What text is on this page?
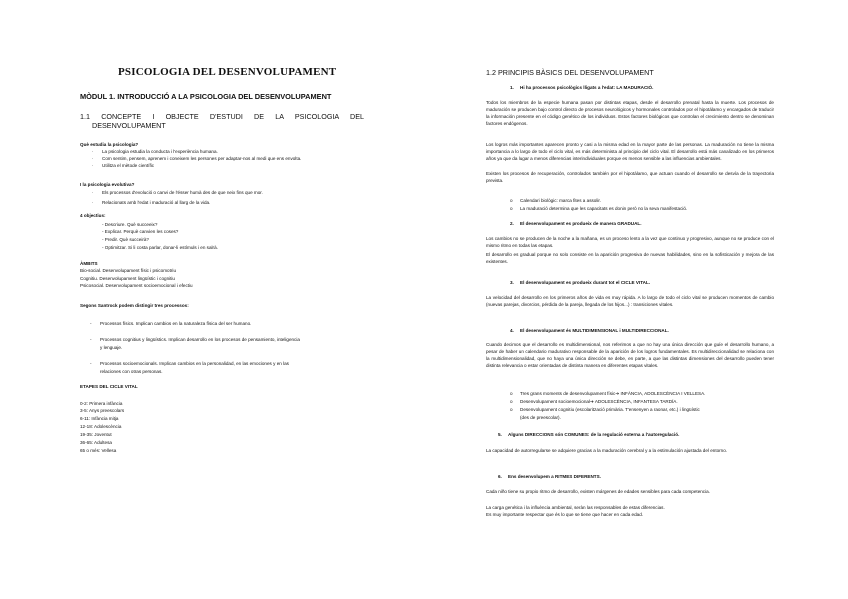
PSICOLOGIA DEL DESENVOLUPAMENT
MÒDUL 1. INTRODUCCIÓ A LA PSICOLOGIA DEL DESENVOLUPAMENT
1.1 CONCEPTE I OBJECTE D'ESTUDI DE LA PSICOLOGIA DEL
DESENVOLUPAMENT
Què estudia la psicologia?
· La psicologia estudia la conducta i l'experiència humana.
· Com sentim, pensem, aprenem i coneixem les persones per adaptar-nos al medi que ens envolta.
· Utilitza el mètode científic
I la psicologia evolutiva?
· Els processos d'evolució o canvi de l'ésser humà des de que neix fins que mor.
· Relacionats amb l'edat i maduració al llarg de la vida.
4 objectius:
- Descriure. Què succeeix?
- Explicar. Perquè canvien les coses?
- Predir. Què succeirà?
- Optimitzar. Si li costa parlar, donar-li estímuls i en salrà.
ÀMBITS
Bio-social. Desenvolupament físic i psicomotriu
Cognitiu. Desenvolupament lingüístic i cognitiu
Psicosocial. Desenvolupament socioemocional i efectiu
Segons Santrock podem distingir tres processos:
- Processos físics. Implican cambios en la naturaleza física del ser humano.
- Processos cognitius y lingüístics. Implican desarrollo en los procesos de pensamiento, inteligencia
y lenguaje.
- Processos socioemocionals. Implican cambios en la personalidad, en las emociones y en las
relaciones con otras personas.
ETAPES DEL CICLE VITAL
0-2: Primera infància
3-5: Anys preescolars
6-11: Infància mitja
12-18: Adolescència
19-35: Joventut
36-65: Adultesa
65 o més: Vellesa
1.2 PRINCIPIS BÀSICS DEL DESENVOLUPAMENT
1. Hi ha processos psicològics lligats a l'edat: LA MADURACIÓ.
Todos los miembros de la especie humana pasan por distintas etapas, desde el desarrollo prenatal hasta la muerte. Los procesos de maduración se producen bajo control directo de procesos neurológicos y hormonales controlados por el hipotálamo y encargados de traducir la información presente en el código genético de los individuos. Estos factores biológicos que controlan el crecimiento dentro se denominan factores endógenos.
Los logros más importantes aparecen pronto y casi a la misma edad en la mayor parte de las personas. La maduración no tiene la misma importancia a lo largo de todo el ciclo vital, es más determinista al principio del ciclo vital. El desarrollo está más canalizado en los primeros años ya que da lugar a menos diferencias interindividuales porque es menos sensible a las influencias ambientales.
Existen los procesos de recuperación, controlados también por el hipotálamo, que actuan cuando el desarrollo se desvía de la trayectoria prevista.
o Calendari biològic: marca fites a assolir.
o La maduració determina que les capacitats es donin però no la seva manifestació.
2. El desenvolupament es produeix de manera GRADUAL.
Los cambios no se producen de la noche a la mañana, es un proceso lento a la vez que continuo y progresivo, aunque no se produce con el mismo ritmo en todas las etapas.
El desarrollo es gradual porque no solo consiste en la aparición progresiva de nuevas habilidades, sino en la sofisticación y mejora de las existentes.
3. El desenvolupament es produeix durant tot el CICLE VITAL.
La velocidad del desarrollo en los primeros años de vida es muy rápida. A lo largo de todo el ciclo vital se producen momentos de cambio (nuevas parejas, divorcios, pérdida de la pareja, llegada de los hijos...) : transiciones vitales.
4. El desenvolupament és MULTIDIMENSIONAL i MULTIDIRECCIONAL.
Cuando decimos que el desarrollo es multidimensional, nos referimos a que no hay una única dirección que guíe el desarrollo humano, a pesar de haber un calendario madurativo responsable de la aparición de los logros fundamentales. Es multidireccionalidad se relaciona con la multidimensionalidad, que no haya una única dirección se debe, en parte, a que las distintas dimensiones del desarrollo pueden tener distinta relevancia o estar orientadas de distinta manera en diferentes etapas vitales.
o Tres grans moments de desenvolupament físic➔ INFÀNCIA, ADOLESCÈNCIA I VELLESA.
o Desenvolupament socioemocional➔ ADOLESCÈNCIA, INFANTESA TARDÍA.
o Desenvolupament cognitiu (escolarització primària. T'ensenyen a raonar, etc.) i lingüístic
(des de preescolar).
5. Alguns DIRECCIONS són COMUNES: de la regulació externa a l'autoregulació.
La capacidad de autorregularse se adquiere gracias a la maduración cerebral y a la estimulación ajustada del entorno.
6. Ens desenvolupem a RITMES DIFERENTS.
Cada niño tiene su propio ritmo de desarrollo, existen márgenes de edades sensibles para cada competencia.
La carga genética i la influència ambiental, seràn las responsables de estas diferencias.
Es muy importante respectar que és lo que se tiene que hacer en cada edad.
